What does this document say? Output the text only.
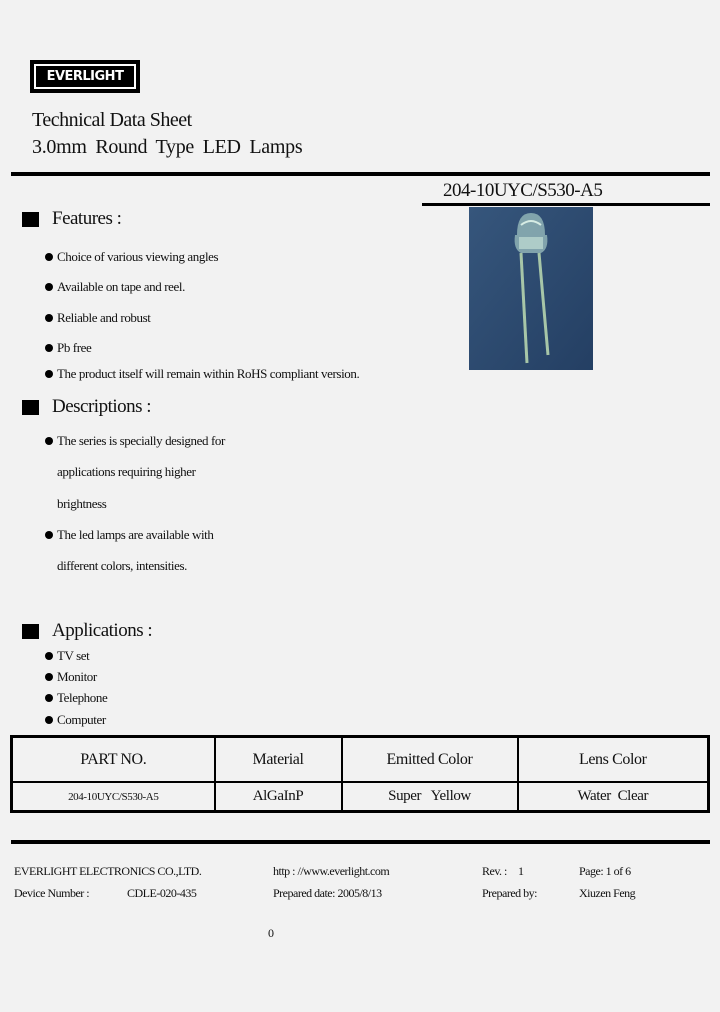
EVERLIGHT
Technical Data Sheet
3.0mm Round Type LED Lamps
204-10UYC/S530-A5
Features :
Choice of various viewing angles
Available on tape and reel.
Reliable and robust
Pb free
The product itself will remain within RoHS compliant version.
Descriptions :
The series is specially designed for
applications requiring higher
brightness
The led lamps are available with
different colors, intensities.
Applications :
TV set
Monitor
Telephone
Computer
PART NO.	Material	Emitted Color	Lens Color
204-10UYC/S530-A5	AlGaInP	Super   Yellow	Water  Clear
EVERLIGHT ELECTRONICS CO.,LTD.	http : //www.everlight.com	Rev. : 1	Page: 1 of 6
Device Number :	CDLE-020-435	Prepared date: 2005/8/13	Prepared by:	Xiuzen Feng
0
